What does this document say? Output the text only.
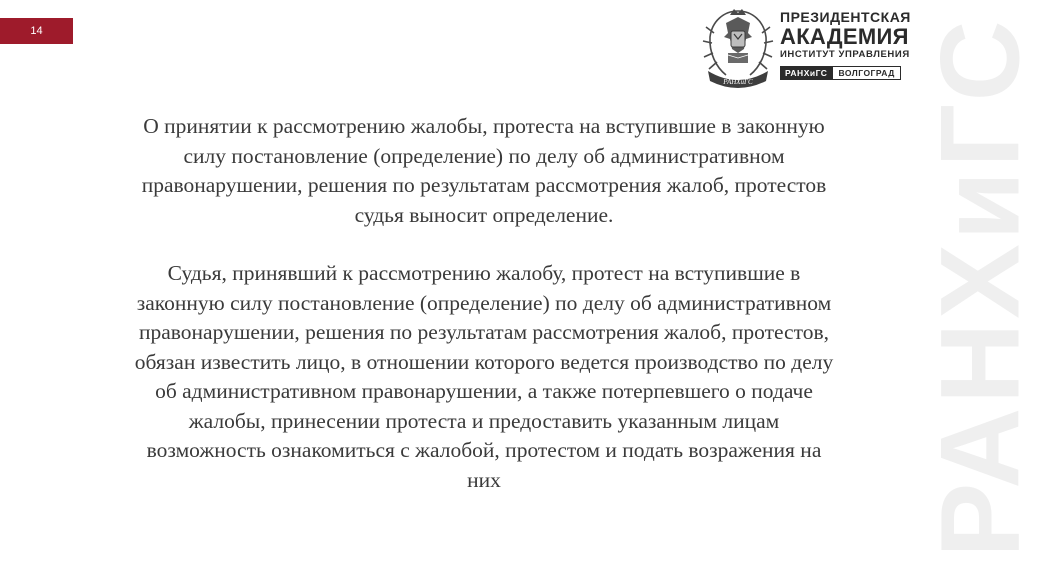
14	РАНХиГС
РАНХиГС
ПРЕЗИДЕНТСКАЯ
АКАДЕМИЯ
ИНСТИТУТ УПРАВЛЕНИЯ
РАНХиГС	ВОЛГОГРАД

О принятии к рассмотрению жалобы, протеста на вступившие в законную
силу постановление (определение) по делу об административном
правонарушении, решения по результатам рассмотрения жалоб, протестов
судья выносит определение.

Судья, принявший к рассмотрению жалобу, протест на вступившие в
законную силу постановление (определение) по делу об административном
правонарушении, решения по результатам рассмотрения жалоб, протестов,
обязан известить лицо, в отношении которого ведется производство по делу
об административном правонарушении, а также потерпевшего о подаче
жалобы, принесении протеста и предоставить указанным лицам
возможность ознакомиться с жалобой, протестом и подать возражения на
них
